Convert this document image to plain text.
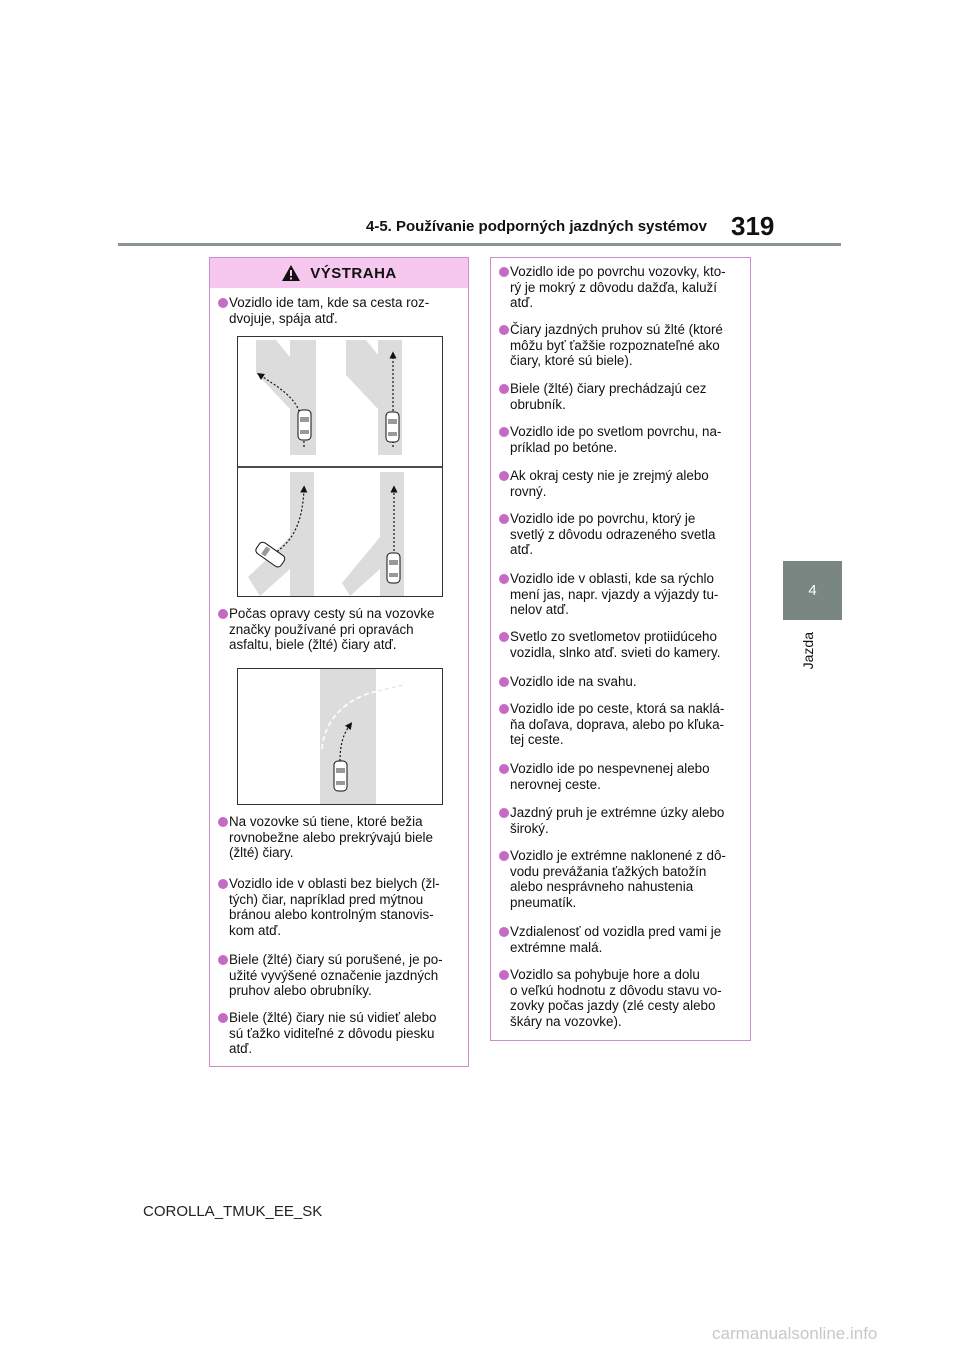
4-5. Používanie podporných jazdných systémov 319
4
Jazda
VÝSTRAHA
Vozidlo ide tam, kde sa cesta roz-
dvojuje, spája atď.
Počas opravy cesty sú na vozovke
značky používané pri opravách
asfaltu, biele (žlté) čiary atď.
Na vozovke sú tiene, ktoré bežia
rovnobežne alebo prekrývajú biele
(žlté) čiary.
Vozidlo ide v oblasti bez bielych (žl-
tých) čiar, napríklad pred mýtnou
bránou alebo kontrolným stanovis-
kom atď.
Biele (žlté) čiary sú porušené, je po-
užité vyvýšené označenie jazdných
pruhov alebo obrubníky.
Biele (žlté) čiary nie sú vidieť alebo
sú ťažko viditeľné z dôvodu piesku
atď.
Vozidlo ide po povrchu vozovky, kto-
rý je mokrý z dôvodu dažďa, kaluží
atď.
Čiary jazdných pruhov sú žlté (ktoré
môžu byť ťažšie rozpoznateľné ako
čiary, ktoré sú biele).
Biele (žlté) čiary prechádzajú cez
obrubník.
Vozidlo ide po svetlom povrchu, na-
príklad po betóne.
Ak okraj cesty nie je zrejmý alebo
rovný.
Vozidlo ide po povrchu, ktorý je
svetlý z dôvodu odrazeného svetla
atď.
Vozidlo ide v oblasti, kde sa rýchlo
mení jas, napr. vjazdy a výjazdy tu-
nelov atď.
Svetlo zo svetlometov protiidúceho
vozidla, slnko atď. svieti do kamery.
Vozidlo ide na svahu.
Vozidlo ide po ceste, ktorá sa naklá-
ňa doľava, doprava, alebo po kľuka-
tej ceste.
Vozidlo ide po nespevnenej alebo
nerovnej ceste.
Jazdný pruh je extrémne úzky alebo
široký.
Vozidlo je extrémne naklonené z dô-
vodu prevážania ťažkých batožín
alebo nesprávneho nahustenia
pneumatík.
Vzdialenosť od vozidla pred vami je
extrémne malá.
Vozidlo sa pohybuje hore a dolu
o veľkú hodnotu z dôvodu stavu vo-
zovky počas jazdy (zlé cesty alebo
škáry na vozovke).
COROLLA_TMUK_EE_SK
carmanualsonline.info
